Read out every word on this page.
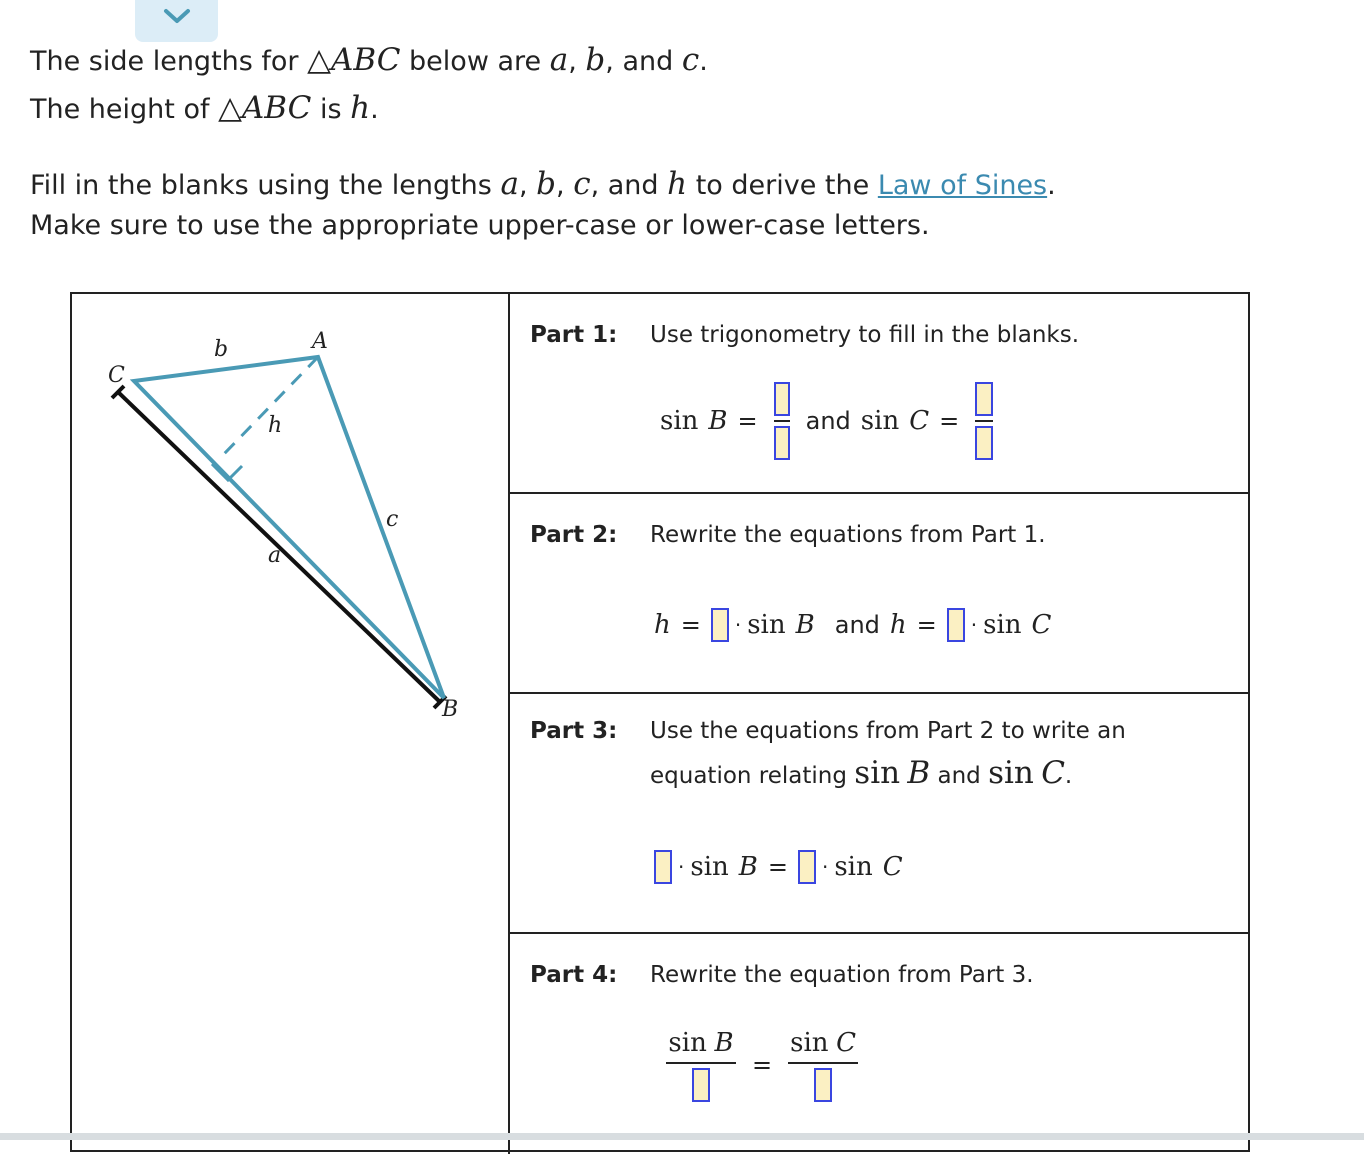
The side lengths for △ABC below are a, b, and c.
The height of △ABC is h.
Fill in the blanks using the lengths a, b, c, and h to derive the Law of Sines.
Make sure to use the appropriate upper-case or lower-case letters.
C
b	A
h
c
a
B
Part 1: Use trigonometry to fill in the blanks.
sin B = and sin C =
Part 2: Rewrite the equations from Part 1.
h = · sin B and h = · sin C
Part 3: Use the equations from Part 2 to write an equation relating sin B and sin C.
· sin B = · sin C
Part 4: Rewrite the equation from Part 3.
sin B
=
sin C
